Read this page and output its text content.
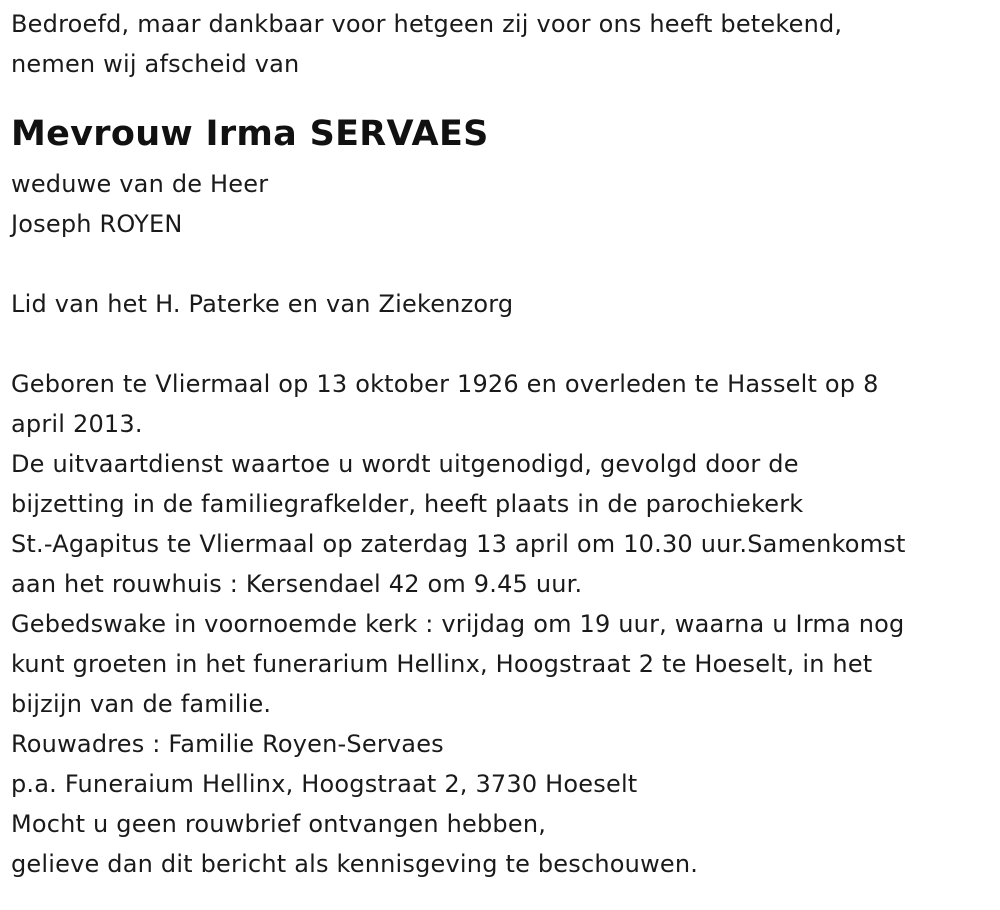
Bedroefd, maar dankbaar voor hetgeen zij voor ons heeft betekend,
nemen wij afscheid van
Mevrouw Irma SERVAES
weduwe van de Heer
Joseph ROYEN
Lid van het H. Paterke en van Ziekenzorg
Geboren te Vliermaal op 13 oktober 1926 en overleden te Hasselt op 8
april 2013.
De uitvaartdienst waartoe u wordt uitgenodigd, gevolgd door de
bijzetting in de familiegrafkelder, heeft plaats in de parochiekerk
St.-Agapitus te Vliermaal op zaterdag 13 april om 10.30 uur.Samenkomst
aan het rouwhuis : Kersendael 42 om 9.45 uur.
Gebedswake in voornoemde kerk : vrijdag om 19 uur, waarna u Irma nog
kunt groeten in het funerarium Hellinx, Hoogstraat 2 te Hoeselt, in het
bijzijn van de familie.
Rouwadres : Familie Royen-Servaes
p.a. Funeraium Hellinx, Hoogstraat 2, 3730 Hoeselt
Mocht u geen rouwbrief ontvangen hebben,
gelieve dan dit bericht als kennisgeving te beschouwen.
